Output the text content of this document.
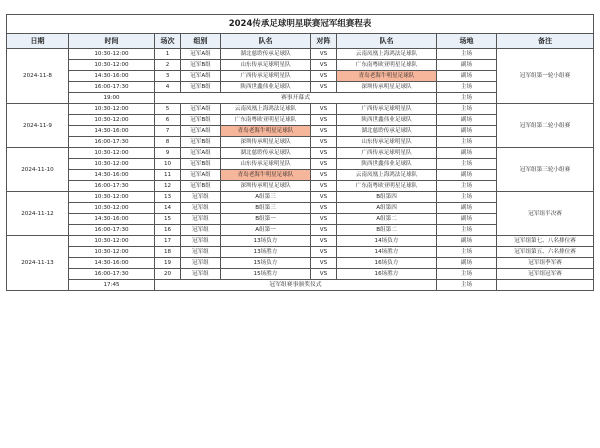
2024传承足球明星联赛冠军组赛程表								
日期	时间	场次	组别	队名	对阵	队名	场地	备注
2024-11-8	10:30-12:00	1	冠军A组	湖北慈聆传承足球队	VS	云南凤凰上海鸿法足球队	主场	冠军组第一轮小组赛
	10:30-12:00	2	冠军B组	山东传承足球明星队	VS	广东南粤欧亚明星足球队	副场	
	14:30-16:00	3	冠军A组	广西传承足球明星队	VS	青岛老海牛明星足球队	副场	
	16:00-17:30	4	冠军B组	陕西世鑫伟业足球队	VS	深圳传承明星足球队	主场	
	19:00	赛事开幕式					主场	
2024-11-9	10:30-12:00	5	冠军A组	云南凤凰上海鸿法足球队	VS	广西传承足球明星队	主场	冠军组第二轮小组赛
	10:30-12:00	6	冠军B组	广东南粤欧亚明星足球队	VS	陕西世鑫伟业足球队	副场	
	14:30-16:00	7	冠军A组	青岛老海牛明星足球队	VS	湖北慈聆传承足球队	副场	
	16:00-17:30	8	冠军B组	深圳传承明星足球队	VS	山东传承足球明星队	主场	
2024-11-10	10:30-12:00	9	冠军A组	湖北慈聆传承足球队	VS	广西传承足球明星队	副场	冠军组第三轮小组赛
	10:30-12:00	10	冠军B组	山东传承足球明星队	VS	陕西世鑫伟业足球队	主场	
	14:30-16:00	11	冠军A组	青岛老海牛明星足球队	VS	云南凤凰上海鸿法足球队	副场	
	16:00-17:30	12	冠军B组	深圳传承明星足球队	VS	广东南粤欧亚明星足球队	主场	
2024-11-12	10:30-12:00	13	冠军组	A组第三	VS	B组第四	主场	冠军组半决赛
	10:30-12:00	14	冠军组	B组第三	VS	A组第四	副场	
	14:30-16:00	15	冠军组	B组第一	VS	A组第二	副场	
	16:00-17:30	16	冠军组	A组第一	VS	B组第二	主场	
2024-11-13	10:30-12:00	17	冠军组	13场负方	VS	14场负方	副场	冠军组第七、八名排位赛
	10:30-12:00	18	冠军组	13场胜方	VS	14场胜方	主场	冠军组第五、六名排位赛
	14:30-16:00	19	冠军组	15场负方	VS	16场负方	副场	冠军组季军赛
	16:00-17:30	20	冠军组	15场胜方	VS	16场胜方	主场	冠军组冠军赛
	17:45	冠军组赛事颁奖仪式					主场	
